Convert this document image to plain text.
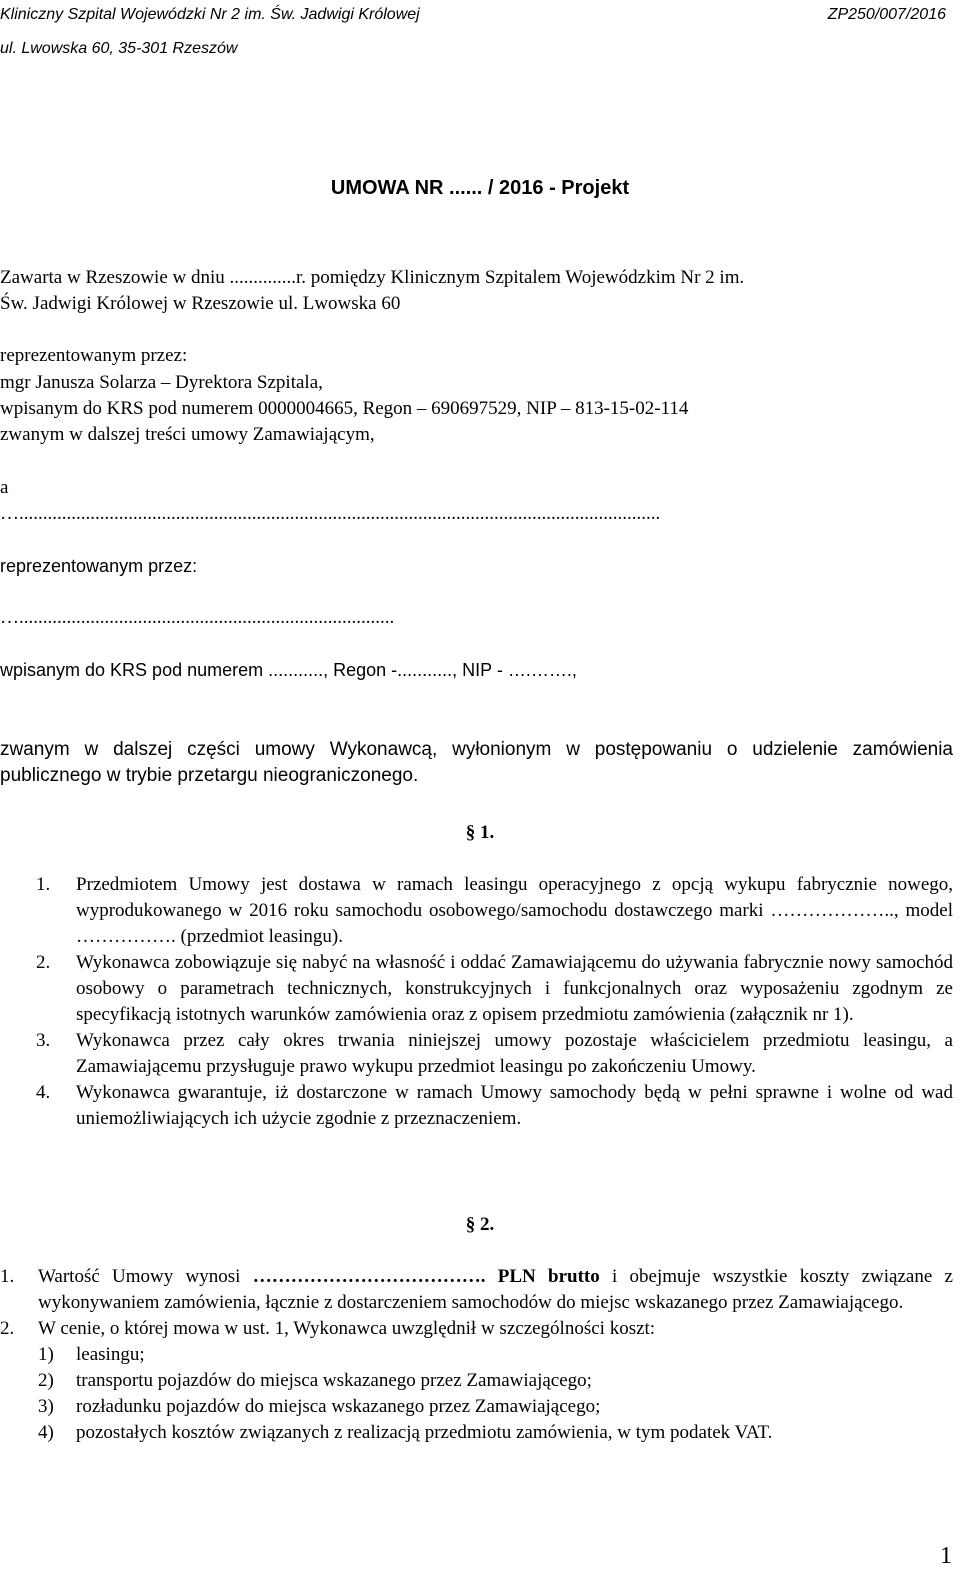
Kliniczny Szpital Wojewódzki Nr 2 im. Św. Jadwigi Królowej
ul. Lwowska 60, 35-301 Rzeszów
ZP250/007/2016
UMOWA NR ...... / 2016 - Projekt
Zawarta w Rzeszowie w dniu ..............r. pomiędzy Klinicznym Szpitalem Wojewódzkim Nr 2 im.
Św. Jadwigi Królowej w Rzeszowie ul. Lwowska 60
reprezentowanym przez:
mgr Janusza Solarza – Dyrektora Szpitala,
wpisanym do KRS pod numerem 0000004665, Regon – 690697529, NIP – 813-15-02-114
zwanym w dalszej treści umowy Zamawiającym,
a
….......................................................................................................................................
reprezentowanym przez:
…...............................................................................
wpisanym do KRS pod numerem ..........., Regon -..........., NIP - ….…….,
zwanym w dalszej części umowy Wykonawcą, wyłonionym w postępowaniu o udzielenie zamówienia publicznego w trybie przetargu nieograniczonego.
§ 1.
1. Przedmiotem Umowy jest dostawa w ramach leasingu operacyjnego z opcją wykupu fabrycznie nowego, wyprodukowanego w 2016 roku samochodu osobowego/samochodu dostawczego marki ……………….., model ……………. (przedmiot leasingu).
2. Wykonawca zobowiązuje się nabyć na własność i oddać Zamawiającemu do używania fabrycznie nowy samochód osobowy o parametrach technicznych, konstrukcyjnych i funkcjonalnych oraz wyposażeniu zgodnym ze specyfikacją istotnych warunków zamówienia oraz z opisem przedmiotu zamówienia (załącznik nr 1).
3. Wykonawca przez cały okres trwania niniejszej umowy pozostaje właścicielem przedmiotu leasingu, a Zamawiającemu przysługuje prawo wykupu przedmiot leasingu po zakończeniu Umowy.
4. Wykonawca gwarantuje, iż dostarczone w ramach Umowy samochody będą w pełni sprawne i wolne od wad uniemożliwiających ich użycie zgodnie z przeznaczeniem.
§ 2.
1. Wartość Umowy wynosi ………………………………. PLN brutto i obejmuje wszystkie koszty związane z wykonywaniem zamówienia, łącznie z dostarczeniem samochodów do miejsc wskazanego przez Zamawiającego.
2. W cenie, o której mowa w ust. 1, Wykonawca uwzględnił w szczególności koszt:
1) leasingu;
2) transportu pojazdów do miejsca wskazanego przez Zamawiającego;
3) rozładunku pojazdów do miejsca wskazanego przez Zamawiającego;
4) pozostałych kosztów związanych z realizacją przedmiotu zamówienia, w tym podatek VAT.
1
